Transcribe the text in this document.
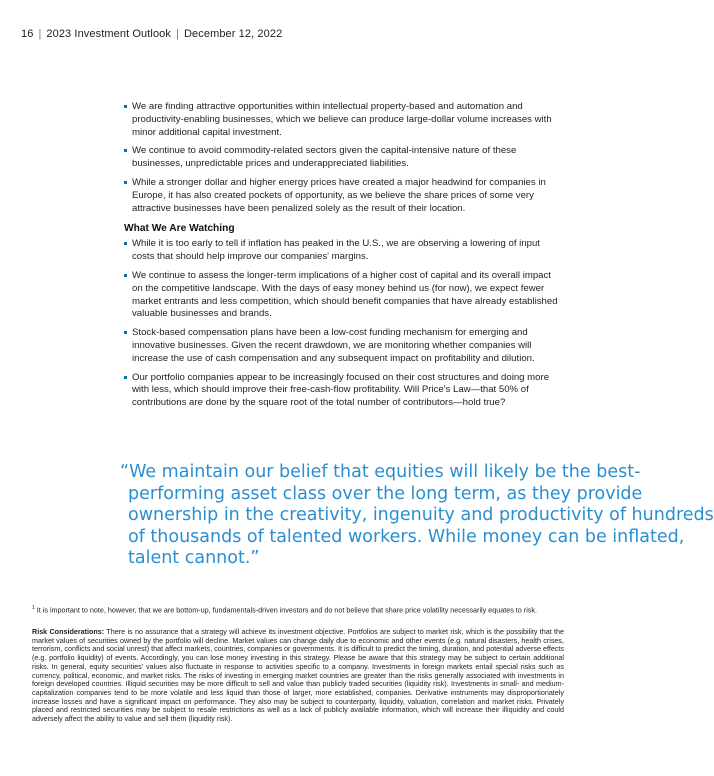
16 | 2023 Investment Outlook | December 12, 2022
We are finding attractive opportunities within intellectual property-based and automation and productivity-enabling businesses, which we believe can produce large-dollar volume increases with minor additional capital investment.
We continue to avoid commodity-related sectors given the capital-intensive nature of these businesses, unpredictable prices and underappreciated liabilities.
While a stronger dollar and higher energy prices have created a major headwind for companies in Europe, it has also created pockets of opportunity, as we believe the share prices of some very attractive businesses have been penalized solely as the result of their location.
What We Are Watching
While it is too early to tell if inflation has peaked in the U.S., we are observing a lowering of input costs that should help improve our companies' margins.
We continue to assess the longer-term implications of a higher cost of capital and its overall impact on the competitive landscape. With the days of easy money behind us (for now), we expect fewer market entrants and less competition, which should benefit companies that have already established valuable businesses and brands.
Stock-based compensation plans have been a low-cost funding mechanism for emerging and innovative businesses. Given the recent drawdown, we are monitoring whether companies will increase the use of cash compensation and any subsequent impact on profitability and dilution.
Our portfolio companies appear to be increasingly focused on their cost structures and doing more with less, which should improve their free-cash-flow profitability. Will Price's Law—that 50% of contributions are done by the square root of the total number of contributors—hold true?
“We maintain our belief that equities will likely be the best-
performing asset class over the long term, as they provide
ownership in the creativity, ingenuity and productivity of hundreds
of thousands of talented workers. While money can be inflated,
talent cannot.”
$^1$ It is important to note, however, that we are bottom-up, fundamentals-driven investors and do not believe that share price volatility necessarily equates to risk.
Risk Considerations: There is no assurance that a strategy will achieve its investment objective. Portfolios are subject to market risk, which is the possibility that the market values of securities owned by the portfolio will decline. Market values can change daily due to economic and other events (e.g. natural disasters, health crises, terrorism, conflicts and social unrest) that affect markets, countries, companies or governments. It is difficult to predict the timing, duration, and potential adverse effects (e.g. portfolio liquidity) of events. Accordingly, you can lose money investing in this strategy. Please be aware that this strategy may be subject to certain additional risks. In general, equity securities' values also fluctuate in response to activities specific to a company. Investments in foreign markets entail special risks such as currency, political, economic, and market risks. The risks of investing in emerging market countries are greater than the risks generally associated with investments in foreign developed countries. Illiquid securities may be more difficult to sell and value than publicly traded securities (liquidity risk). Investments in small- and medium- capitalization companies tend to be more volatile and less liquid than those of larger, more established, companies. Derivative instruments may disproportionately increase losses and have a significant impact on performance. They also may be subject to counterparty, liquidity, valuation, correlation and market risks. Privately placed and restricted securities may be subject to resale restrictions as well as a lack of publicly available information, which will increase their illiquidity and could adversely affect the ability to value and sell them (liquidity risk).
